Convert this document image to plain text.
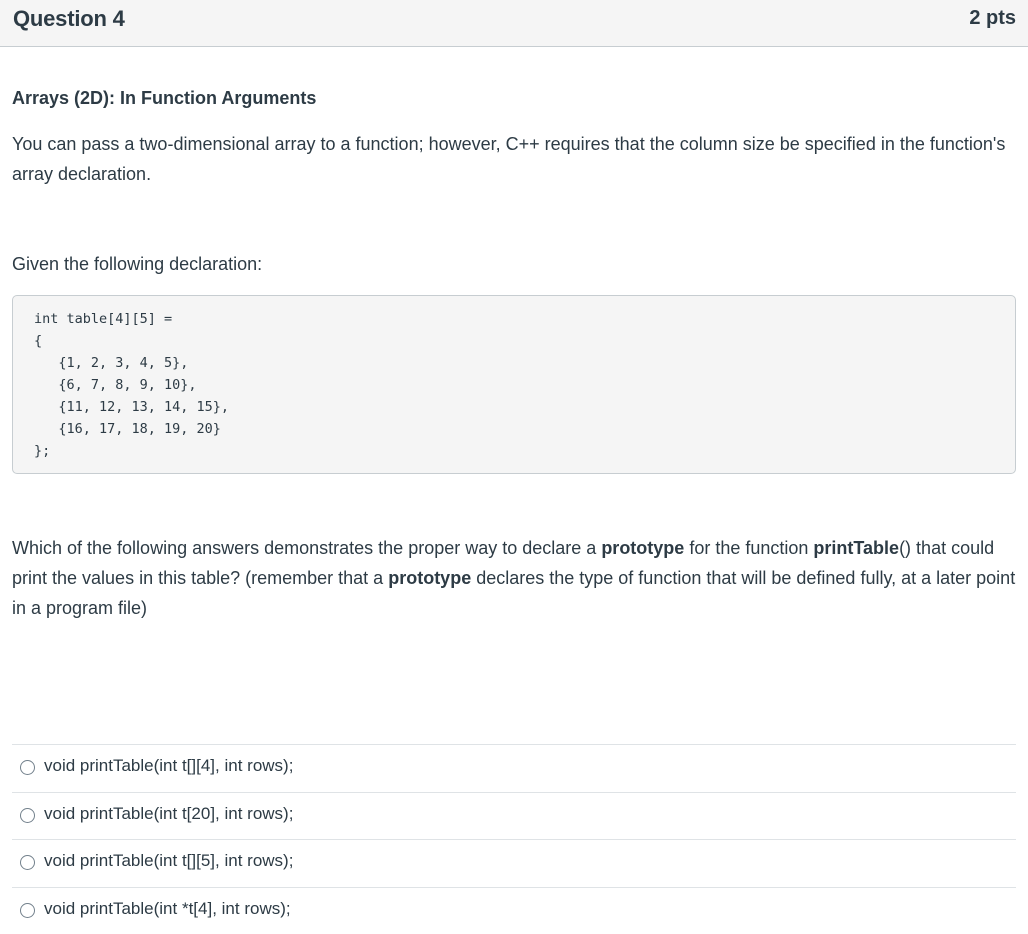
Question 4	2 pts
Arrays (2D): In Function Arguments
You can pass a two-dimensional array to a function; however, C++ requires that the column size be specified in the function's array declaration.
Given the following declaration:
int table[4][5] =
{
{1, 2, 3, 4, 5},
{6, 7, 8, 9, 10},
{11, 12, 13, 14, 15},
{16, 17, 18, 19, 20}
};
Which of the following answers demonstrates the proper way to declare a prototype for the function printTable() that could print the values in this table? (remember that a prototype declares the type of function that will be defined fully, at a later point in a program file)
void printTable(int t[][4], int rows);
void printTable(int t[20], int rows);
void printTable(int t[][5], int rows);
void printTable(int *t[4], int rows);
